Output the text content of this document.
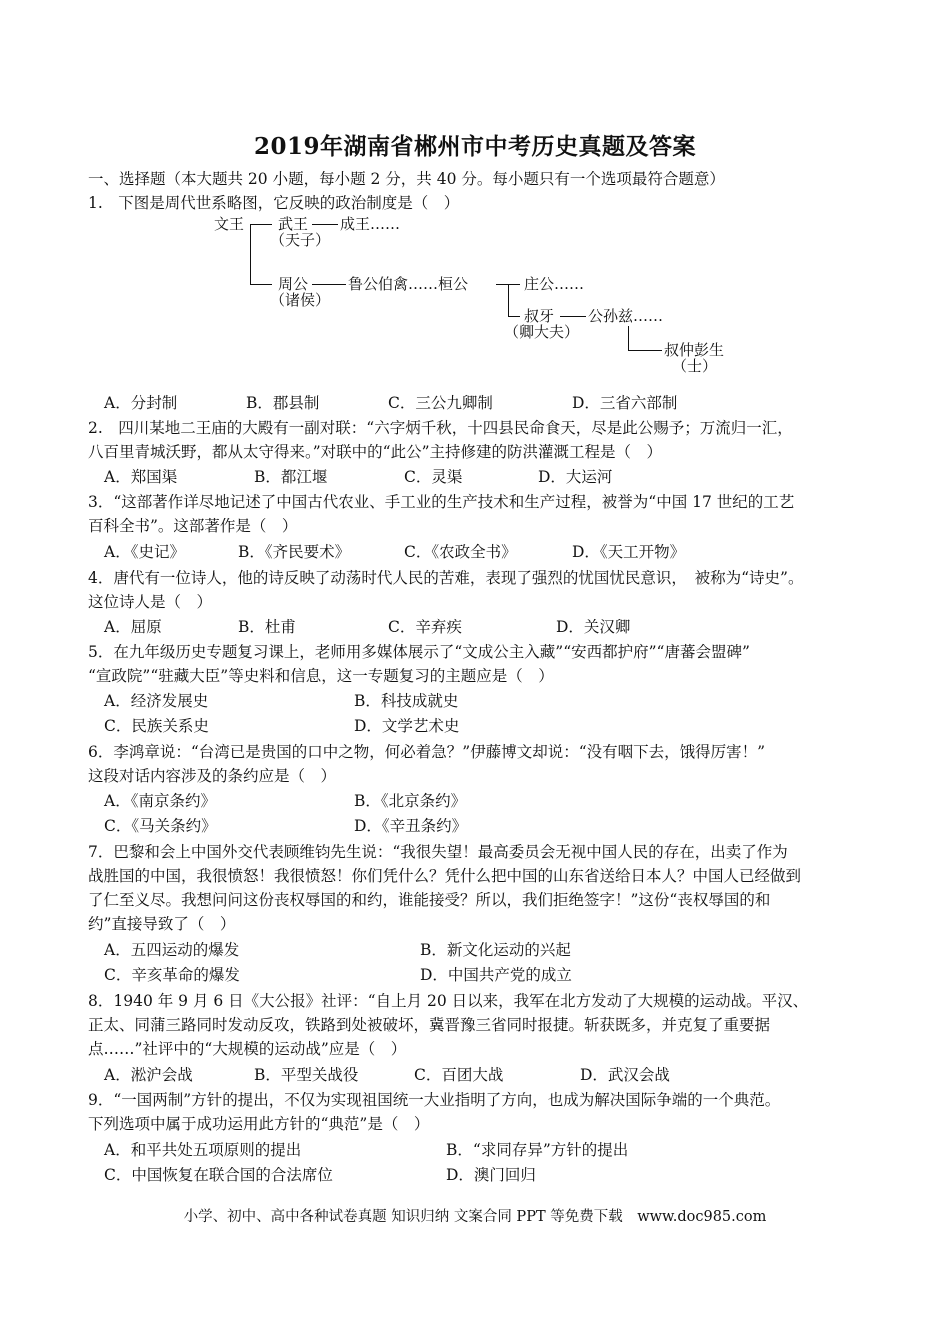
2019年湖南省郴州市中考历史真题及答案
一、选择题（本大题共 20 小题，每小题 2 分，共 40 分。每小题只有一个选项最符合题意）
1.　下图是周代世系略图，它反映的政治制度是（　）
文王 武王 成王……
（天子）
周公	鲁公伯禽……桓公
（诸侯）
庄公……
叔牙 公孙兹……
（卿大夫）
叔仲彭生
（士）
A．分封制	B．郡县制	C．三公九卿制	D．三省六部制
2.　四川某地二王庙的大殿有一副对联：“六字炳千秋，十四县民命食天，尽是此公赐予；万流归一汇，
八百里青城沃野，都从太守得来。”对联中的“此公”主持修建的防洪灌溉工程是（　）
A．郑国渠	B．都江堰	C．灵渠	D．大运河
3．“这部著作详尽地记述了中国古代农业、手工业的生产技术和生产过程，被誉为“中国 17 世纪的工艺
百科全书”。这部著作是（　）
A．《史记》	B．《齐民要术》	C．《农政全书》	D．《天工开物》
4．唐代有一位诗人，他的诗反映了动荡时代人民的苦难，表现了强烈的忧国忧民意识，　被称为“诗史”。
这位诗人是（　）
A．屈原	B．杜甫	C．辛弃疾	D．关汉卿
5．在九年级历史专题复习课上，老师用多媒体展示了“文成公主入藏”“安西都护府”“唐蕃会盟碑”
“宣政院”“驻藏大臣”等史料和信息，这一专题复习的主题应是（　）
A．经济发展史	B．科技成就史
C．民族关系史	D．文学艺术史
6．李鸿章说：“台湾已是贵国的口中之物，何必着急？”伊藤博文却说：“没有咽下去，饿得厉害！”
这段对话内容涉及的条约应是（　）
A．《南京条约》	B．《北京条约》
C．《马关条约》	D．《辛丑条约》
7．巴黎和会上中国外交代表顾维钧先生说：“我很失望！最高委员会无视中国人民的存在，出卖了作为
战胜国的中国，我很愤怒！我很愤怒！你们凭什么？凭什么把中国的山东省送给日本人？中国人已经做到
了仁至义尽。我想问问这份丧权辱国的和约，谁能接受？所以，我们拒绝签字！”这份“丧权辱国的和
约”直接导致了（　）
A．五四运动的爆发	B．新文化运动的兴起
C．辛亥革命的爆发	D．中国共产党的成立
8．1940 年 9 月 6 日《大公报》社评：“自上月 20 日以来，我军在北方发动了大规模的运动战。平汉、
正太、同蒲三路同时发动反攻，铁路到处被破坏，冀晋豫三省同时报捷。斩获既多，并克复了重要据
点……”社评中的“大规模的运动战”应是（　）
A．淞沪会战	B．平型关战役	C．百团大战	D．武汉会战
9．“一国两制”方针的提出，不仅为实现祖国统一大业指明了方向，也成为解决国际争端的一个典范。
下列选项中属于成功运用此方针的“典范”是（　）
A．和平共处五项原则的提出	B．“求同存异”方针的提出
C．中国恢复在联合国的合法席位	D．澳门回归
小学、初中、高中各种试卷真题 知识归纳 文案合同 PPT 等免费下载　www.doc985.com
